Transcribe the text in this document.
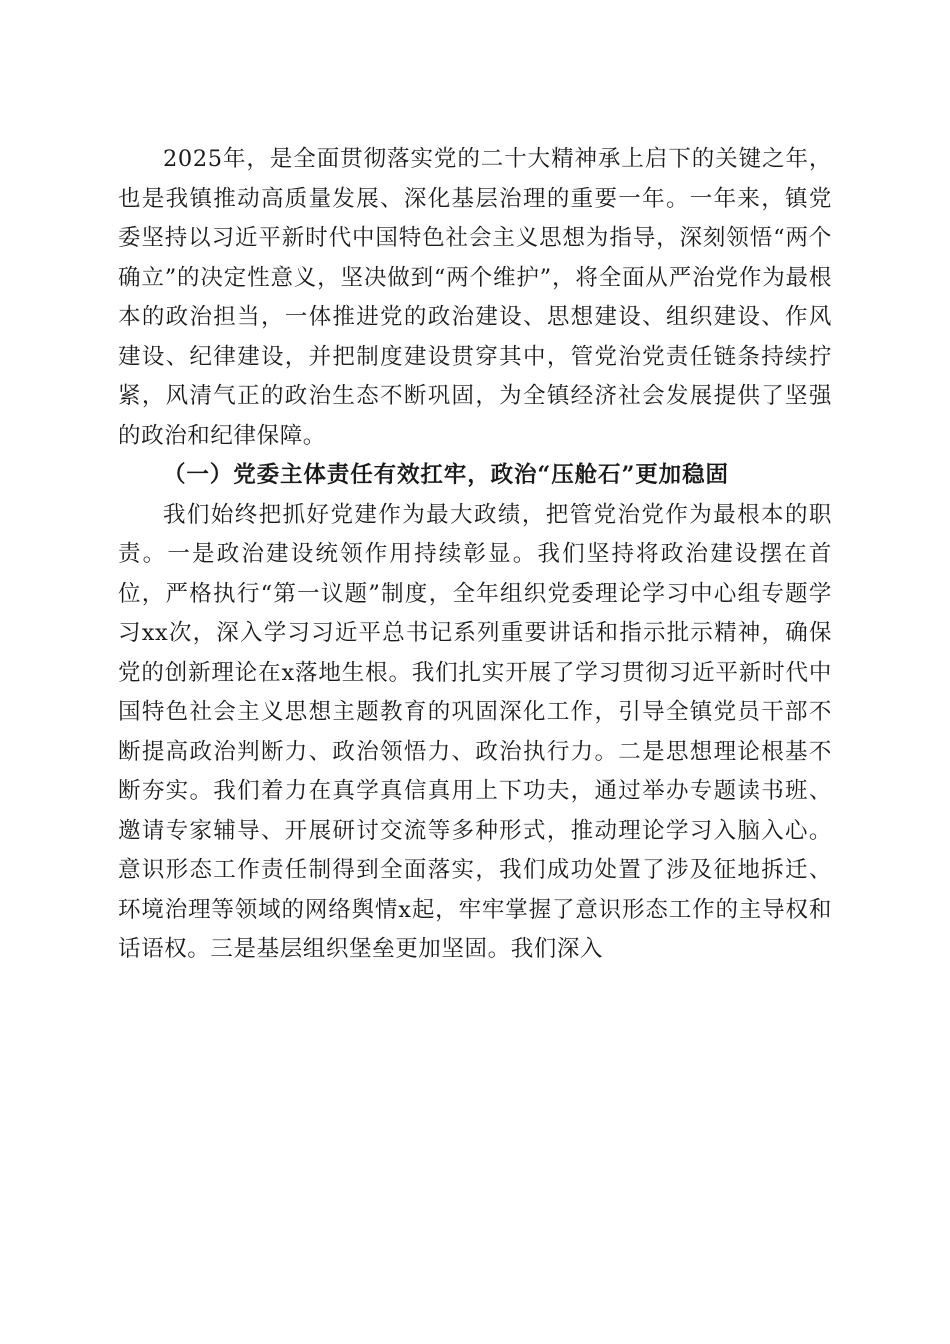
2025年，是全面贯彻落实党的二十大精神承上启下的关键之年，也是我镇推动高质量发展、深化基层治理的重要一年。一年来，镇党委坚持以习近平新时代中国特色社会主义思想为指导，深刻领悟“两个确立”的决定性意义，坚决做到“两个维护”，将全面从严治党作为最根本的政治担当，一体推进党的政治建设、思想建设、组织建设、作风建设、纪律建设，并把制度建设贯穿其中，管党治党责任链条持续拧紧，风清气正的政治生态不断巩固，为全镇经济社会发展提供了坚强的政治和纪律保障。

（一）党委主体责任有效扛牢，政治“压舱石”更加稳固

我们始终把抓好党建作为最大政绩，把管党治党作为最根本的职责。一是政治建设统领作用持续彰显。我们坚持将政治建设摆在首位，严格执行“第一议题”制度，全年组织党委理论学习中心组专题学习xx次，深入学习习近平总书记系列重要讲话和指示批示精神，确保党的创新理论在x落地生根。我们扎实开展了学习贯彻习近平新时代中国特色社会主义思想主题教育的巩固深化工作，引导全镇党员干部不断提高政治判断力、政治领悟力、政治执行力。二是思想理论根基不断夯实。我们着力在真学真信真用上下功夫，通过举办专题读书班、邀请专家辅导、开展研讨交流等多种形式，推动理论学习入脑入心。意识形态工作责任制得到全面落实，我们成功处置了涉及征地拆迁、环境治理等领域的网络舆情x起，牢牢掌握了意识形态工作的主导权和话语权。三是基层组织堡垒更加坚固。我们深入
